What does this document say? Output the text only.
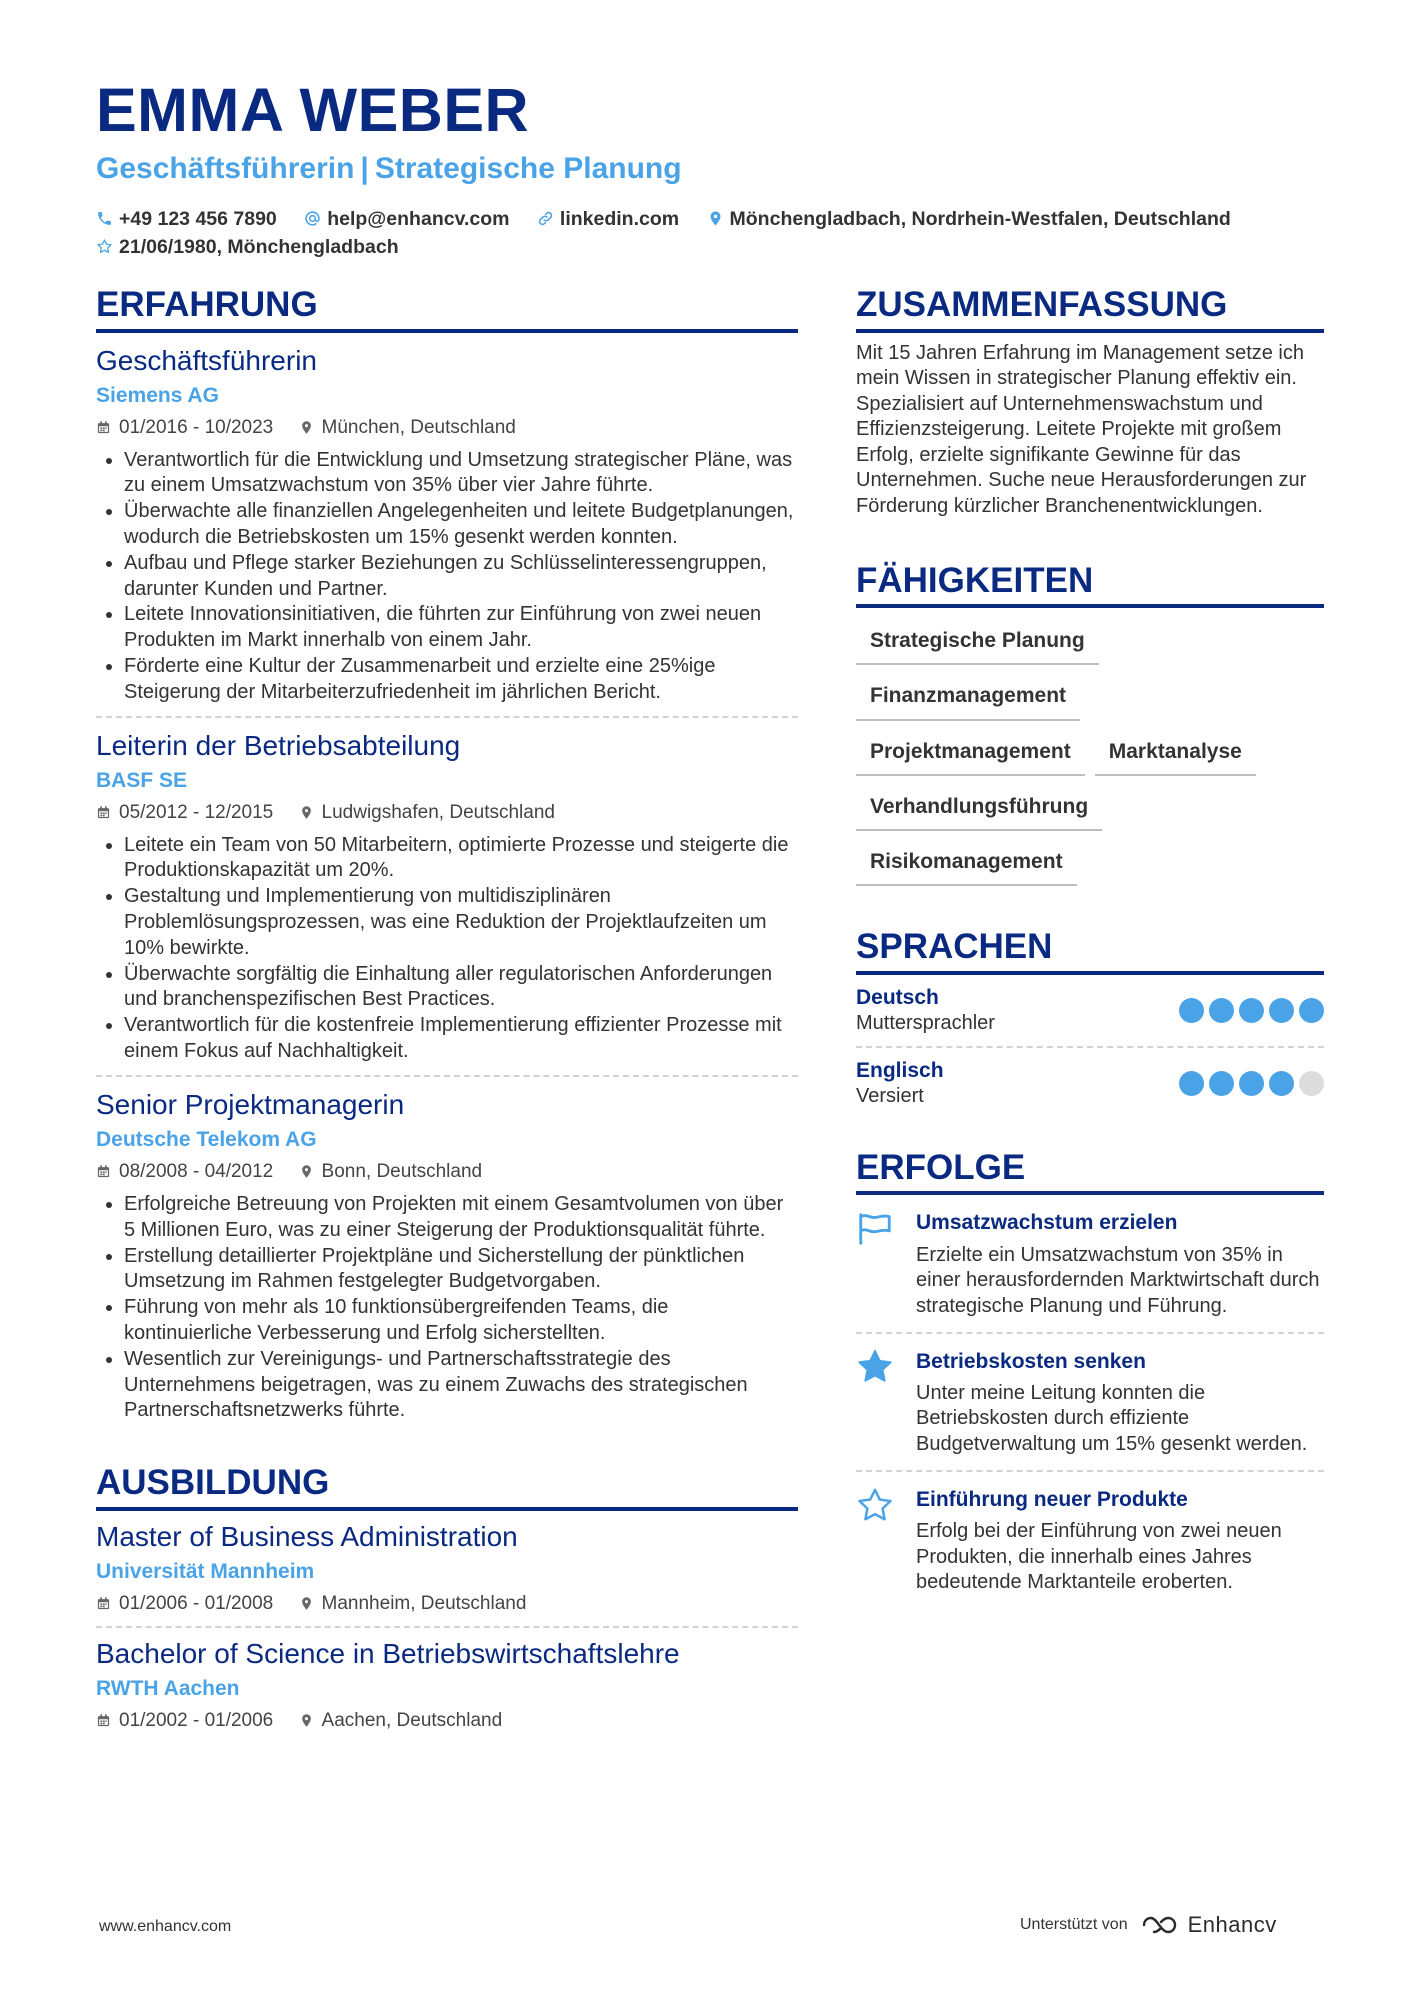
EMMA WEBER
Geschäftsführerin | Strategische Planung
+49 123 456 7890	help@enhancv.com	linkedin.com	Mönchengladbach, Nordrhein-Westfalen, Deutschland
21/06/1980, Mönchengladbach
ERFAHRUNG
Geschäftsführerin
Siemens AG
01/2016 - 10/2023	München, Deutschland
• Verantwortlich für die Entwicklung und Umsetzung strategischer Pläne, was zu einem Umsatzwachstum von 35% über vier Jahre führte.
• Überwachte alle finanziellen Angelegenheiten und leitete Budgetplanungen, wodurch die Betriebskosten um 15% gesenkt werden konnten.
• Aufbau und Pflege starker Beziehungen zu Schlüsselinteressengruppen, darunter Kunden und Partner.
• Leitete Innovationsinitiativen, die führten zur Einführung von zwei neuen Produkten im Markt innerhalb von einem Jahr.
• Förderte eine Kultur der Zusammenarbeit und erzielte eine 25%ige Steigerung der Mitarbeiterzufriedenheit im jährlichen Bericht.
Leiterin der Betriebsabteilung
BASF SE
05/2012 - 12/2015	Ludwigshafen, Deutschland
• Leitete ein Team von 50 Mitarbeitern, optimierte Prozesse und steigerte die Produktionskapazität um 20%.
• Gestaltung und Implementierung von multidisziplinären Problemlösungsprozessen, was eine Reduktion der Projektlaufzeiten um 10% bewirkte.
• Überwachte sorgfältig die Einhaltung aller regulatorischen Anforderungen und branchenspezifischen Best Practices.
• Verantwortlich für die kostenfreie Implementierung effizienter Prozesse mit einem Fokus auf Nachhaltigkeit.
Senior Projektmanagerin
Deutsche Telekom AG
08/2008 - 04/2012	Bonn, Deutschland
• Erfolgreiche Betreuung von Projekten mit einem Gesamtvolumen von über 5 Millionen Euro, was zu einer Steigerung der Produktionsqualität führte.
• Erstellung detaillierter Projektpläne und Sicherstellung der pünktlichen Umsetzung im Rahmen festgelegter Budgetvorgaben.
• Führung von mehr als 10 funktionsübergreifenden Teams, die kontinuierliche Verbesserung und Erfolg sicherstellten.
• Wesentlich zur Vereinigungs- und Partnerschaftsstrategie des Unternehmens beigetragen, was zu einem Zuwachs des strategischen Partnerschaftsnetzwerks führte.
AUSBILDUNG
Master of Business Administration
Universität Mannheim
01/2006 - 01/2008	Mannheim, Deutschland
Bachelor of Science in Betriebswirtschaftslehre
RWTH Aachen
01/2002 - 01/2006	Aachen, Deutschland
ZUSAMMENFASSUNG
Mit 15 Jahren Erfahrung im Management setze ich mein Wissen in strategischer Planung effektiv ein. Spezialisiert auf Unternehmenswachstum und Effizienzsteigerung. Leitete Projekte mit großem Erfolg, erzielte signifikante Gewinne für das Unternehmen. Suche neue Herausforderungen zur Förderung kürzlicher Branchenentwicklungen.
FÄHIGKEITEN
Strategische Planung
Finanzmanagement
Projektmanagement Marktanalyse
Verhandlungsführung
Risikomanagement
SPRACHEN
Deutsch
Muttersprachler
Englisch
Versiert
ERFOLGE
Umsatzwachstum erzielen
Erzielte ein Umsatzwachstum von 35% in einer herausfordernden Marktwirtschaft durch strategische Planung und Führung.
Betriebskosten senken
Unter meine Leitung konnten die Betriebskosten durch effiziente Budgetverwaltung um 15% gesenkt werden.
Einführung neuer Produkte
Erfolg bei der Einführung von zwei neuen Produkten, die innerhalb eines Jahres bedeutende Marktanteile eroberten.
www.enhancv.com	Unterstützt von	Enhancv
